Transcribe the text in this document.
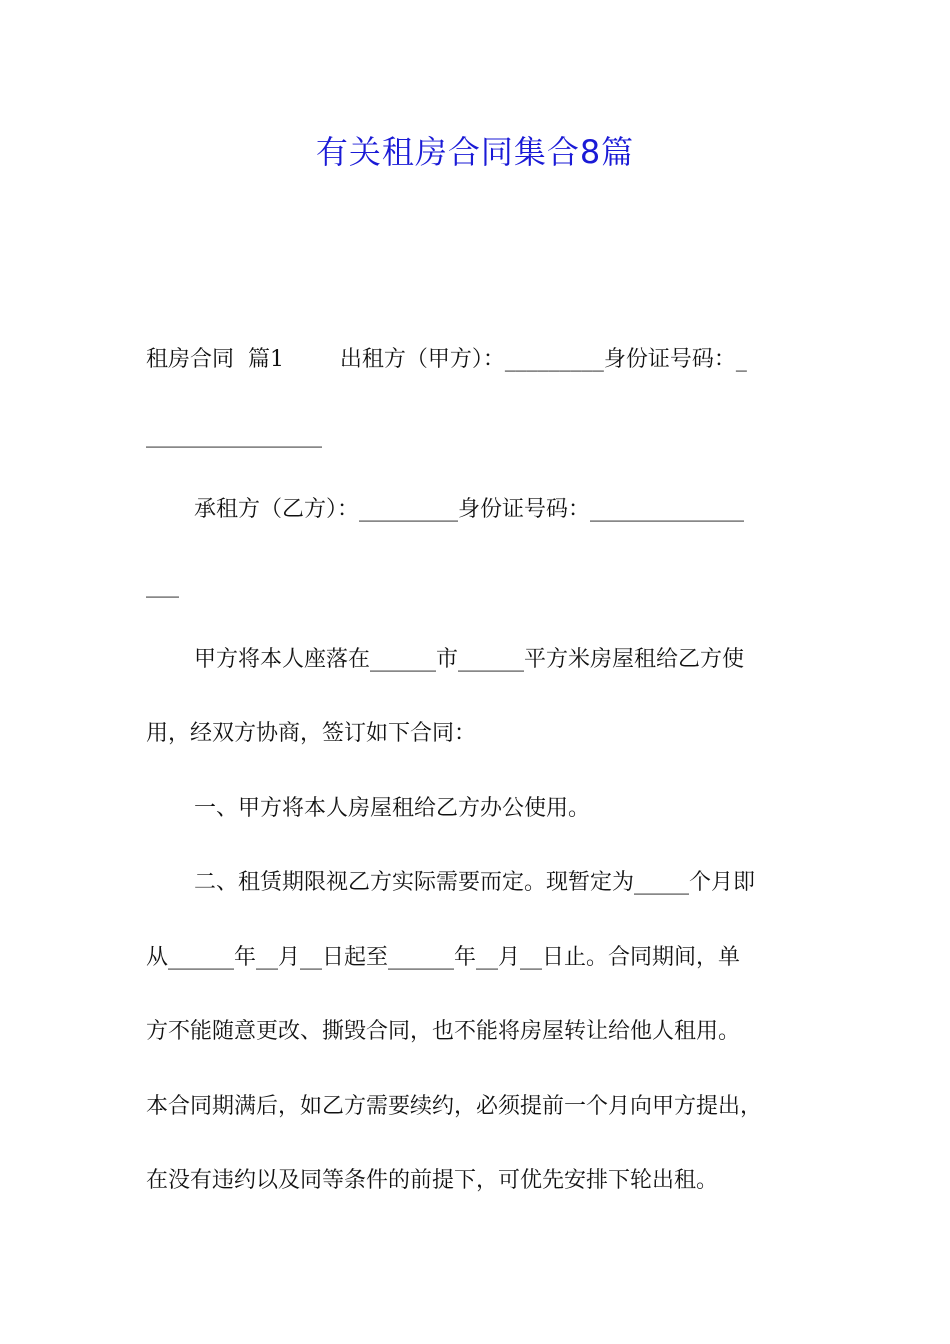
有关租房合同集合8篇
租房合同  篇1        出租方（甲方）：_________身份证号码：_
________________
承租方（乙方）：_________身份证号码：______________
___
甲方将本人座落在______市______平方米房屋租给乙方使
用，经双方协商，签订如下合同：
一、甲方将本人房屋租给乙方办公使用。
二、租赁期限视乙方实际需要而定。现暂定为_____个月即
从______年__月__日起至______年__月__日止。合同期间，单
方不能随意更改、撕毁合同，也不能将房屋转让给他人租用。
本合同期满后，如乙方需要续约，必须提前一个月向甲方提出，
在没有违约以及同等条件的前提下，可优先安排下轮出租。
